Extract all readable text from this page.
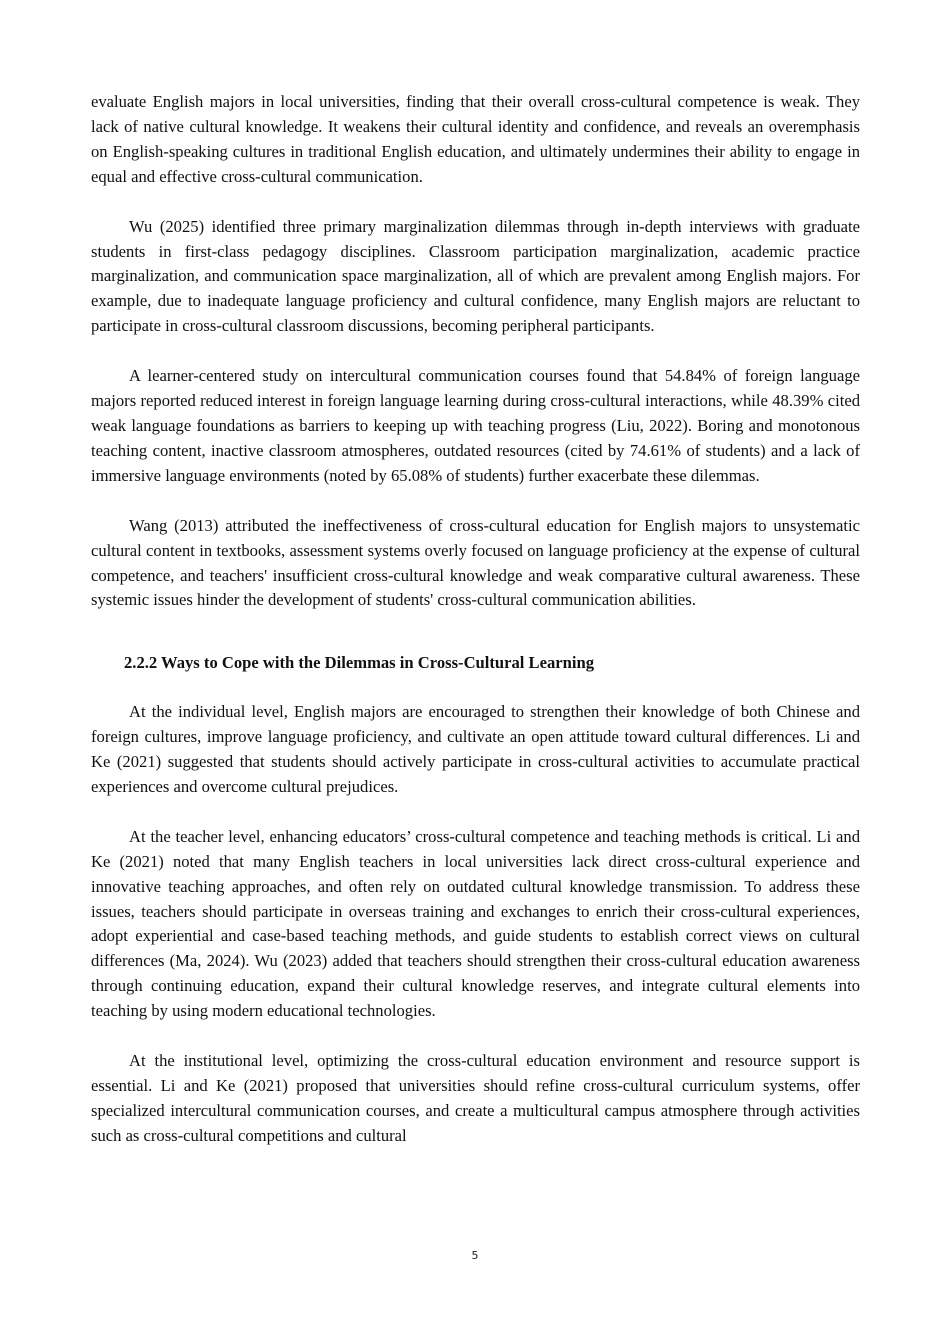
evaluate English majors in local universities, finding that their overall cross-cultural competence is weak. They lack of native cultural knowledge. It weakens their cultural identity and confidence, and reveals an overemphasis on English-speaking cultures in traditional English education, and ultimately undermines their ability to engage in equal and effective cross-cultural communication.

Wu (2025) identified three primary marginalization dilemmas through in-depth interviews with graduate students in first-class pedagogy disciplines. Classroom participation marginalization, academic practice marginalization, and communication space marginalization, all of which are prevalent among English majors. For example, due to inadequate language proficiency and cultural confidence, many English majors are reluctant to participate in cross-cultural classroom discussions, becoming peripheral participants.

A learner-centered study on intercultural communication courses found that 54.84% of foreign language majors reported reduced interest in foreign language learning during cross-cultural interactions, while 48.39% cited weak language foundations as barriers to keeping up with teaching progress (Liu, 2022). Boring and monotonous teaching content, inactive classroom atmospheres, outdated resources (cited by 74.61% of students) and a lack of immersive language environments (noted by 65.08% of students) further exacerbate these dilemmas.

Wang (2013) attributed the ineffectiveness of cross-cultural education for English majors to unsystematic cultural content in textbooks, assessment systems overly focused on language proficiency at the expense of cultural competence, and teachers' insufficient cross-cultural knowledge and weak comparative cultural awareness. These systemic issues hinder the development of students' cross-cultural communication abilities.

2.2.2 Ways to Cope with the Dilemmas in Cross-Cultural Learning

At the individual level, English majors are encouraged to strengthen their knowledge of both Chinese and foreign cultures, improve language proficiency, and cultivate an open attitude toward cultural differences. Li and Ke (2021) suggested that students should actively participate in cross-cultural activities to accumulate practical experiences and overcome cultural prejudices.

At the teacher level, enhancing educators’ cross-cultural competence and teaching methods is critical. Li and Ke (2021) noted that many English teachers in local universities lack direct cross-cultural experience and innovative teaching approaches, and often rely on outdated cultural knowledge transmission. To address these issues, teachers should participate in overseas training and exchanges to enrich their cross-cultural experiences, adopt experiential and case-based teaching methods, and guide students to establish correct views on cultural differences (Ma, 2024). Wu (2023) added that teachers should strengthen their cross-cultural education awareness through continuing education, expand their cultural knowledge reserves, and integrate cultural elements into teaching by using modern educational technologies.

At the institutional level, optimizing the cross-cultural education environment and resource support is essential. Li and Ke (2021) proposed that universities should refine cross-cultural curriculum systems, offer specialized intercultural communication courses, and create a multicultural campus atmosphere through activities such as cross-cultural competitions and cultural

5
